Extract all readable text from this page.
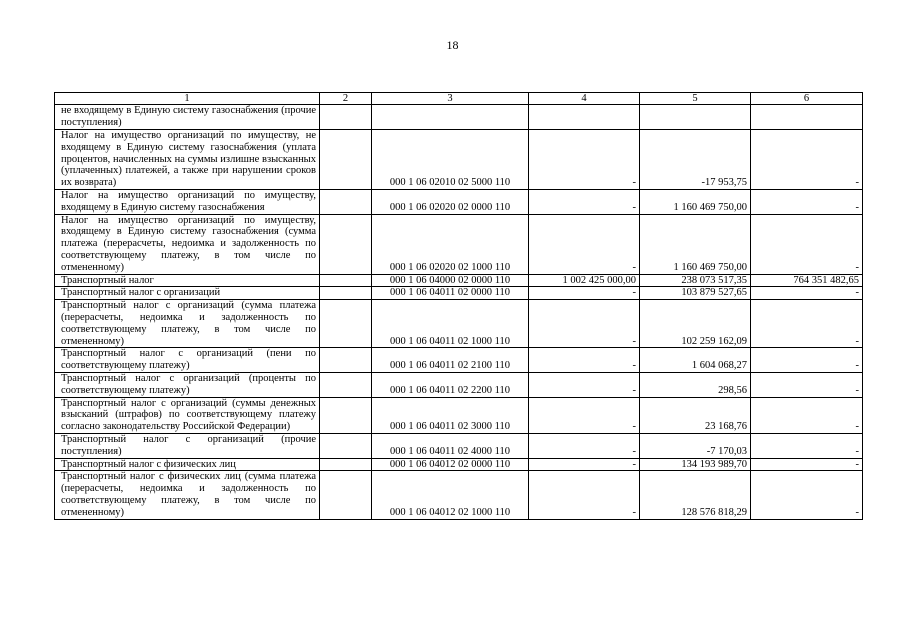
18
1	2	3	4	5	6
не входящему в Единую систему газоснабжения (прочие поступления)					
Налог на имущество организаций по имуществу, не входящему в Единую систему газоснабжения (уплата процентов, начисленных на суммы излишне взысканных (уплаченных) платежей, а также при нарушении сроков их возврата)		000 1 06 02010 02 5000 110	-	-17 953,75	-
Налог на имущество организаций по имуществу, входящему в Единую систему газоснабжения		000 1 06 02020 02 0000 110	-	1 160 469 750,00	-
Налог на имущество организаций по имуществу, входящему в Единую систему газоснабжения (сумма платежа (перерасчеты, недоимка и задолженность по соответствующему платежу, в том числе по отмененному)		000 1 06 02020 02 1000 110	-	1 160 469 750,00	-
Транспортный налог		000 1 06 04000 02 0000 110	1 002 425 000,00	238 073 517,35	764 351 482,65
Транспортный налог с организаций		000 1 06 04011 02 0000 110	-	103 879 527,65	-
Транспортный налог с организаций (сумма платежа (перерасчеты, недоимка и задолженность по соответствующему платежу, в том числе по отмененному)		000 1 06 04011 02 1000 110	-	102 259 162,09	-
Транспортный налог с организаций (пени по соответствующему платежу)		000 1 06 04011 02 2100 110	-	1 604 068,27	-
Транспортный налог с организаций (проценты по соответствующему платежу)		000 1 06 04011 02 2200 110	-	298,56	-
Транспортный налог с организаций (суммы денежных взысканий (штрафов) по соответствующему платежу согласно законодательству Российской Федерации)		000 1 06 04011 02 3000 110	-	23 168,76	-
Транспортный налог с организаций (прочие поступления)		000 1 06 04011 02 4000 110	-	-7 170,03	-
Транспортный налог с физических лиц		000 1 06 04012 02 0000 110	-	134 193 989,70	-
Транспортный налог с физических лиц (сумма платежа (перерасчеты, недоимка и задолженность по соответствующему платежу, в том числе по отмененному)		000 1 06 04012 02 1000 110	-	128 576 818,29	-
